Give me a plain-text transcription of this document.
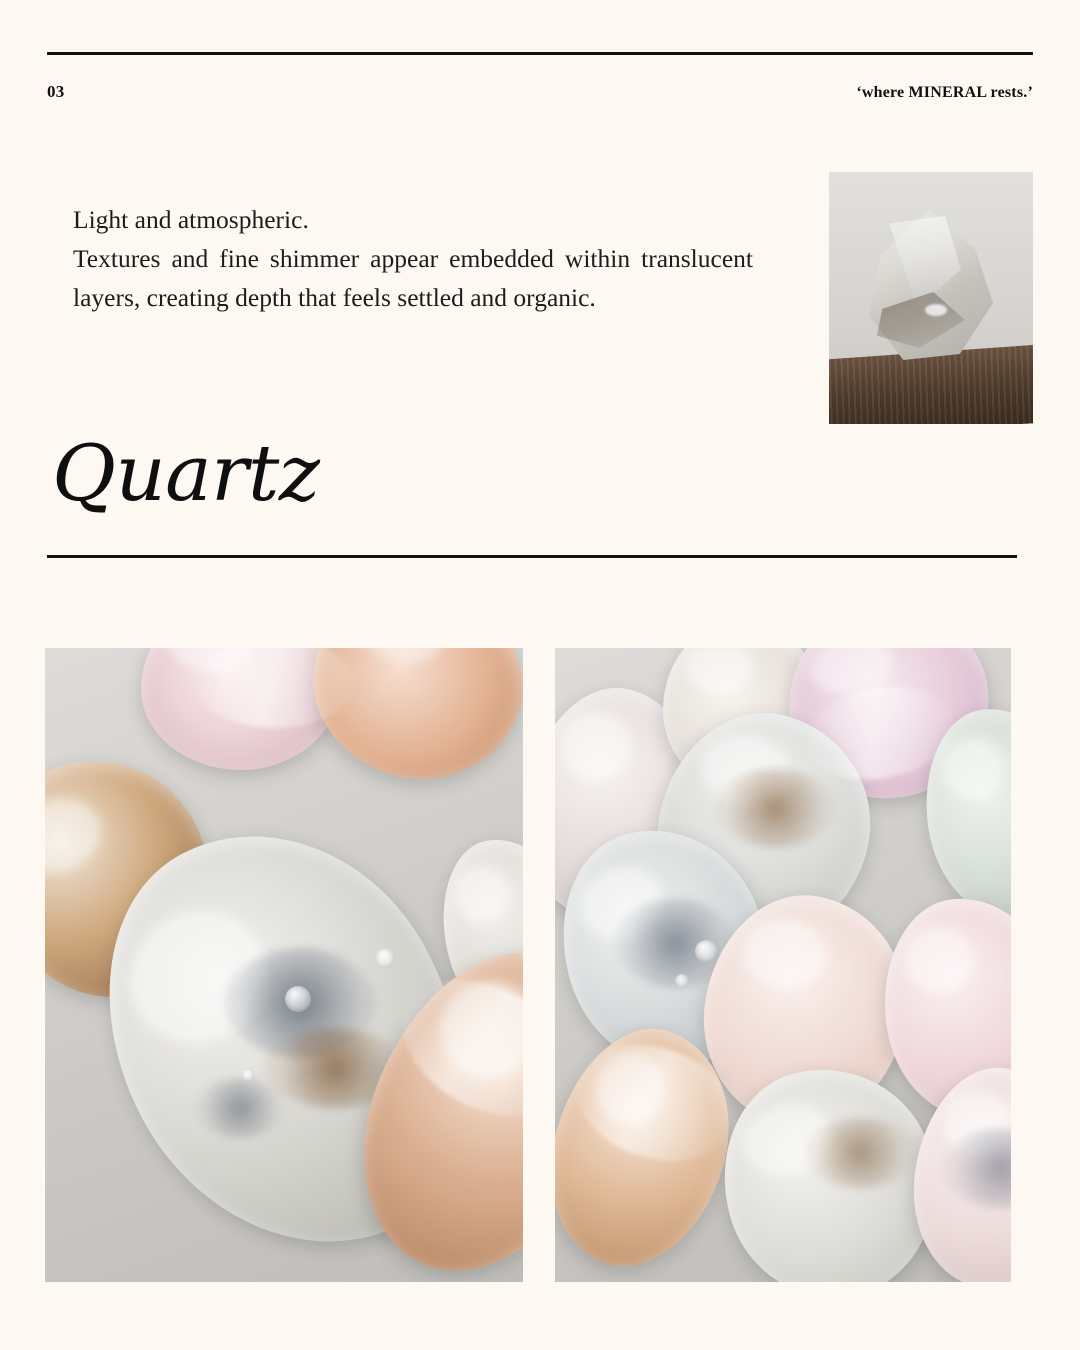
03	‘where MINERAL rests.’
Light and atmospheric.
Textures and fine shimmer appear embedded within translucent layers, creating depth that feels settled and organic.
Quartz
